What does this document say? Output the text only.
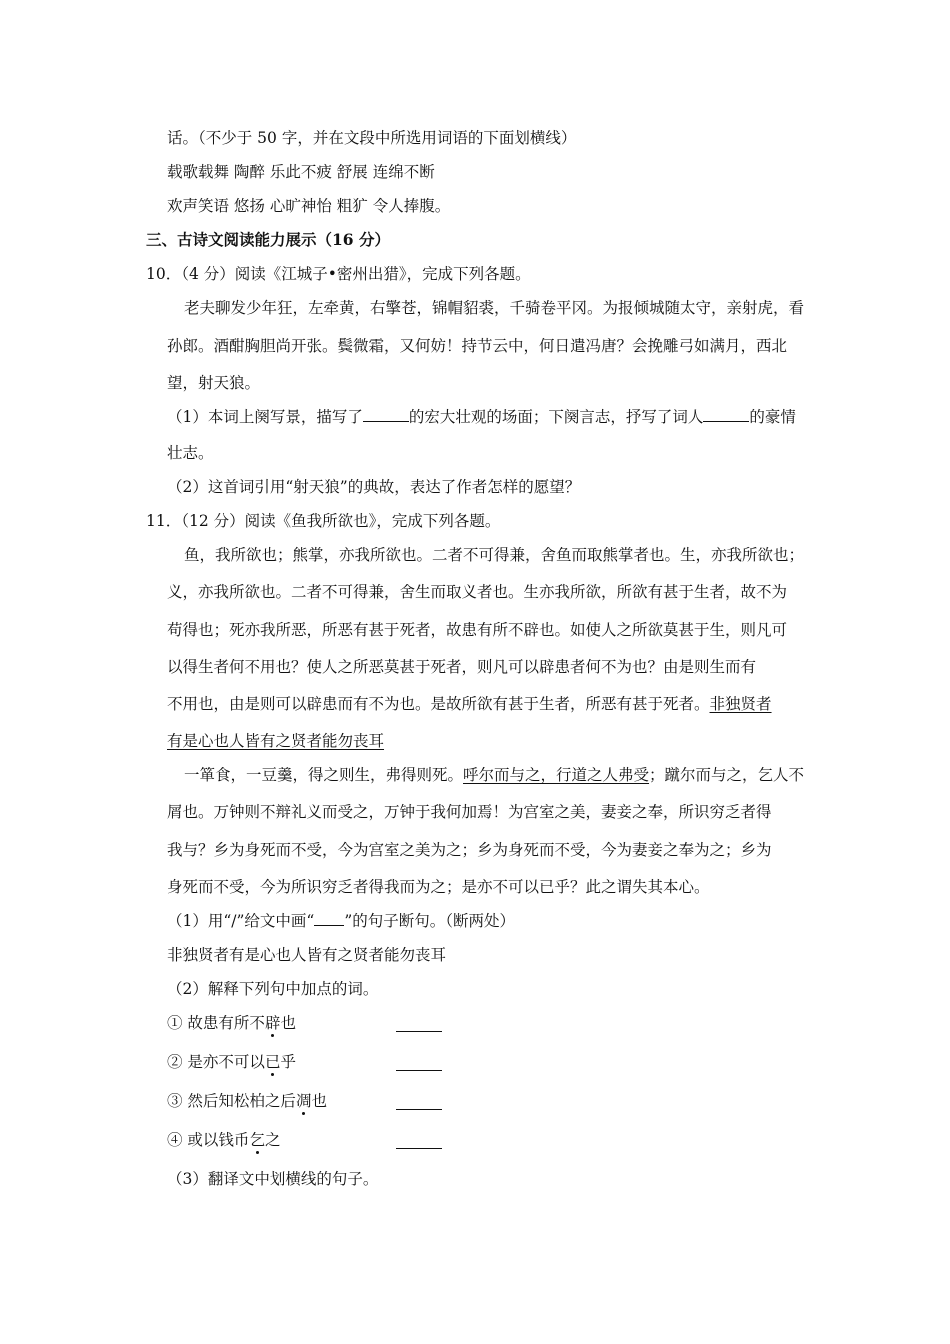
话。（不少于 50 字，并在文段中所选用词语的下面划横线）
载歌载舞 陶醉 乐此不疲 舒展 连绵不断
欢声笑语 悠扬 心旷神怡 粗犷 令人捧腹。
三、古诗文阅读能力展示（16 分）
10．（4 分）阅读《江城子•密州出猎》，完成下列各题。
老夫聊发少年狂，左牵黄，右擎苍，锦帽貂裘，千骑卷平冈。为报倾城随太守，亲射虎，看
孙郎。酒酣胸胆尚开张。鬓微霜，又何妨！持节云中，何日遣冯唐？会挽雕弓如满月，西北
望，射天狼。
（1）本词上阕写景，描写了	的宏大壮观的场面；下阕言志，抒写了词人	的豪情
壮志。
（2）这首词引用“射天狼”的典故，表达了作者怎样的愿望？
11．（12 分）阅读《鱼我所欲也》，完成下列各题。
鱼，我所欲也；熊掌，亦我所欲也。二者不可得兼，舍鱼而取熊掌者也。生，亦我所欲也；
义，亦我所欲也。二者不可得兼，舍生而取义者也。生亦我所欲，所欲有甚于生者，故不为
苟得也；死亦我所恶，所恶有甚于死者，故患有所不辟也。如使人之所欲莫甚于生，则凡可
以得生者何不用也？使人之所恶莫甚于死者，则凡可以辟患者何不为也？由是则生而有
不用也，由是则可以辟患而有不为也。是故所欲有甚于生者，所恶有甚于死者。非独贤者
有是心也人皆有之贤者能勿丧耳
一箪食，一豆羹，得之则生，弗得则死。呼尔而与之，行道之人弗受；蹴尔而与之，乞人不
屑也。万钟则不辩礼义而受之，万钟于我何加焉！为宫室之美，妻妾之奉，所识穷乏者得
我与？乡为身死而不受，今为宫室之美为之；乡为身死而不受，今为妻妾之奉为之；乡为
身死而不受，今为所识穷乏者得我而为之；是亦不可以已乎？此之谓失其本心。
（1）用“/”给文中画“ ”的句子断句。（断两处）
非独贤者有是心也人皆有之贤者能勿丧耳
（2）解释下列句中加点的词。
① 故患有所不辟也
② 是亦不可以已乎
③ 然后知松柏之后凋也
④ 或以钱币乞之
（3）翻译文中划横线的句子。
